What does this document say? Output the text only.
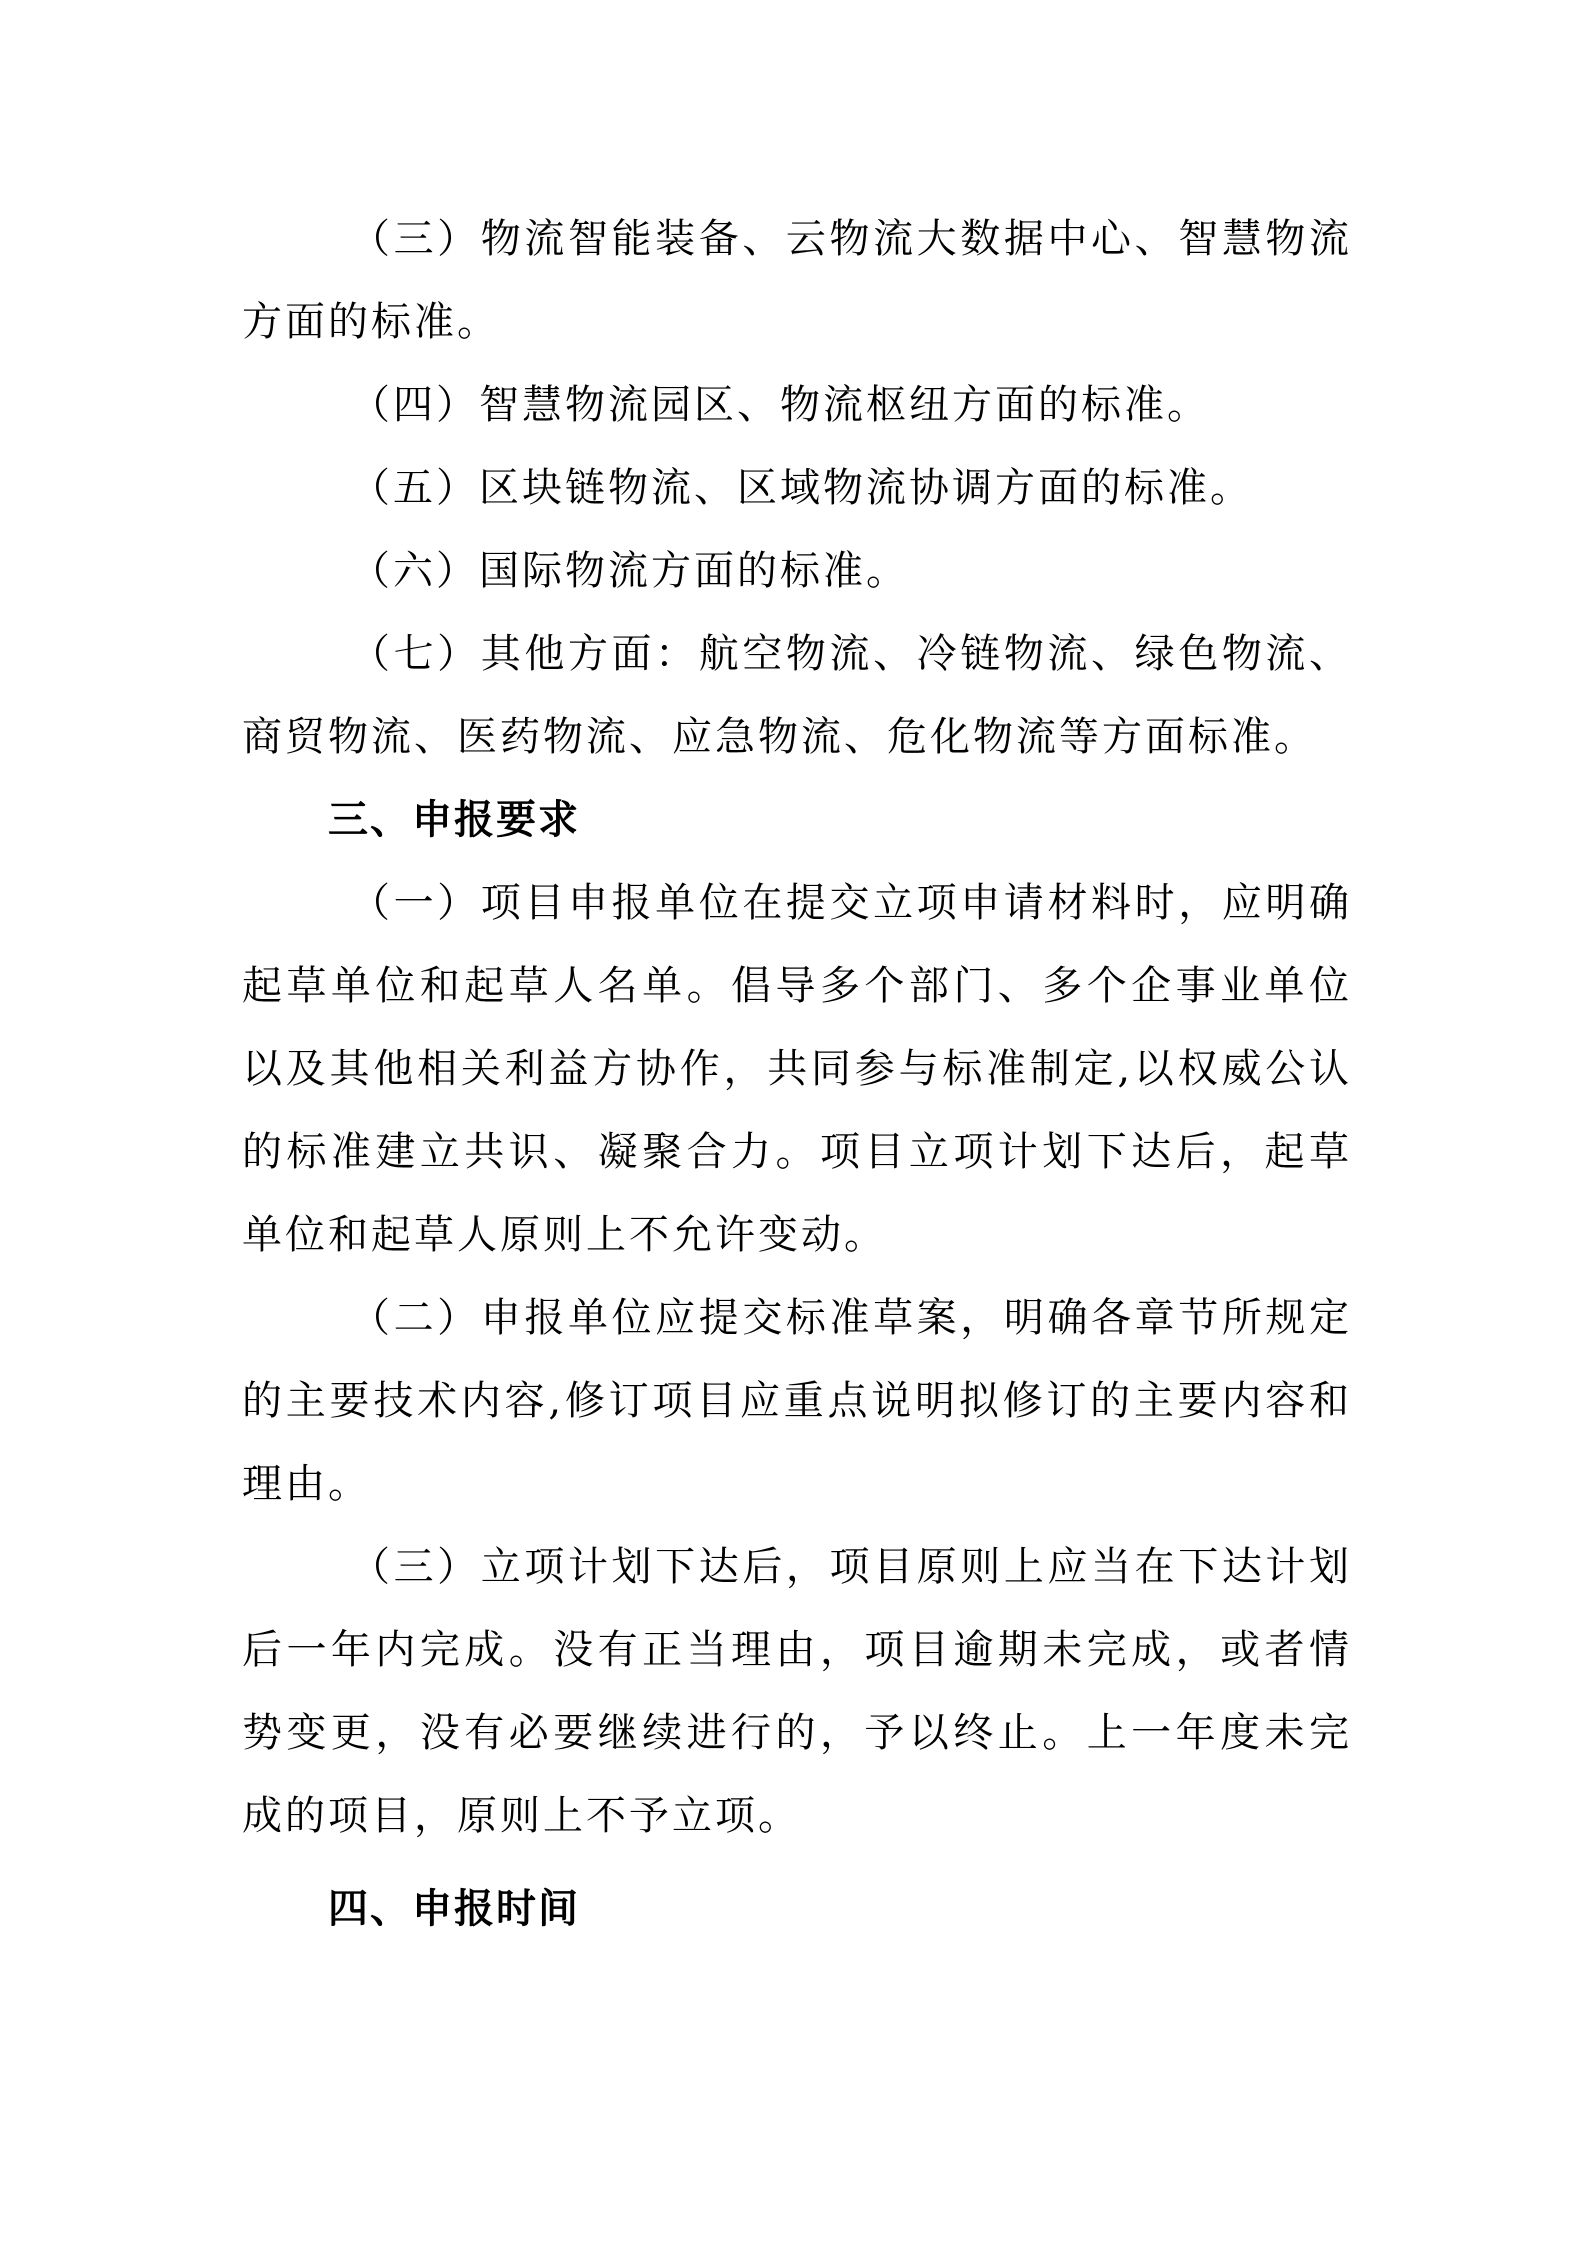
（三）物流智能装备、云物流大数据中心、智慧物流方面的标准。

（四）智慧物流园区、物流枢纽方面的标准。

（五）区块链物流、区域物流协调方面的标准。

（六）国际物流方面的标准。

（七）其他方面：航空物流、冷链物流、绿色物流、商贸物流、医药物流、应急物流、危化物流等方面标准。

三、申报要求

（一）项目申报单位在提交立项申请材料时，应明确起草单位和起草人名单。倡导多个部门、多个企事业单位以及其他相关利益方协作，共同参与标准制定,以权威公认的标准建立共识、凝聚合力。项目立项计划下达后，起草单位和起草人原则上不允许变动。

（二）申报单位应提交标准草案，明确各章节所规定的主要技术内容,修订项目应重点说明拟修订的主要内容和理由。

（三）立项计划下达后，项目原则上应当在下达计划后一年内完成。没有正当理由，项目逾期未完成，或者情势变更，没有必要继续进行的，予以终止。上一年度未完成的项目，原则上不予立项。

四、申报时间
